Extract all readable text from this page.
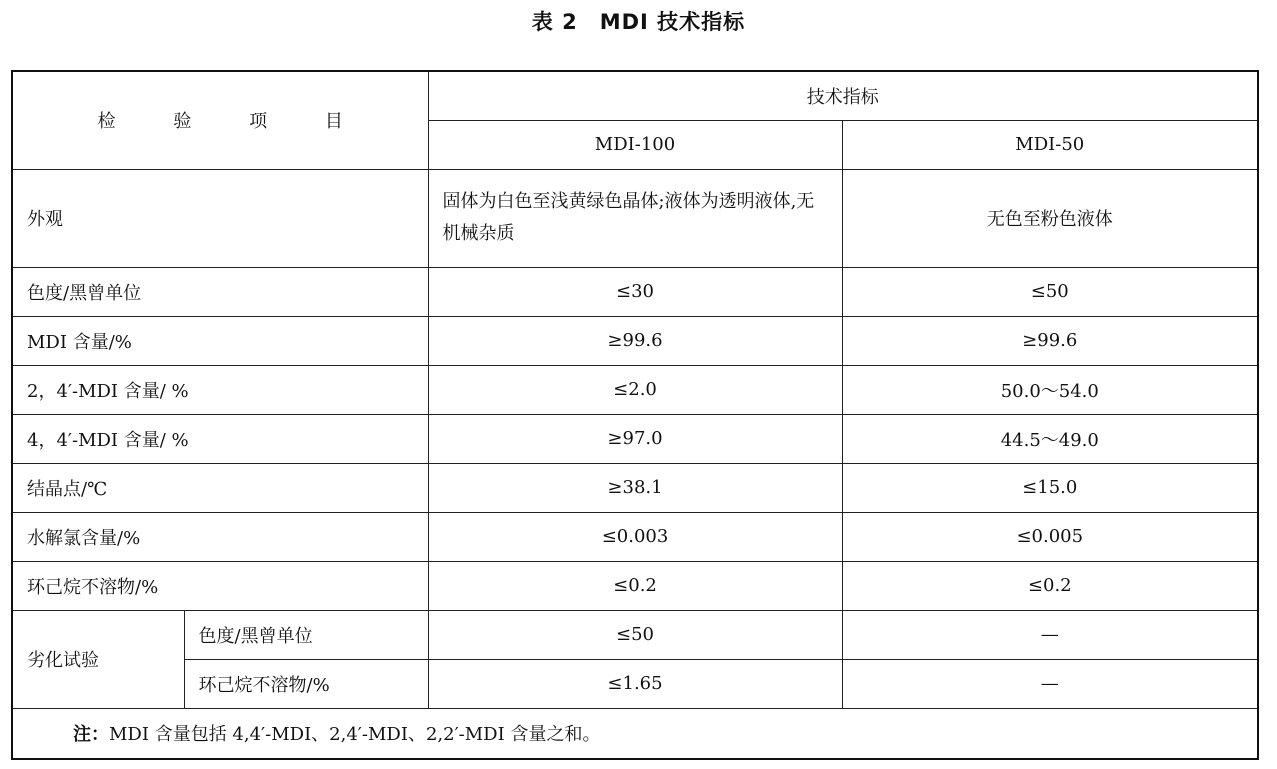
表 2　MDI 技术指标
检 验 项 目		技术指标	
		MDI-100	MDI-50
外观		固体为白色至浅黄绿色晶体;液体为透明液体,无机械杂质	无色至粉色液体
色度/黑曾单位		≤30	≤50
MDI 含量/%		≥99.6	≥99.6
2，4′-MDI 含量/ %		≤2.0	50.0～54.0
4，4′-MDI 含量/ %		≥97.0	44.5～49.0
结晶点/℃		≥38.1	≤15.0
水解氯含量/%		≤0.003	≤0.005
环己烷不溶物/%		≤0.2	≤0.2
劣化试验	色度/黑曾单位	≤50	—
	环己烷不溶物/%	≤1.65	—
注：MDI 含量包括 4,4′-MDI、2,4′-MDI、2,2′-MDI 含量之和。			
